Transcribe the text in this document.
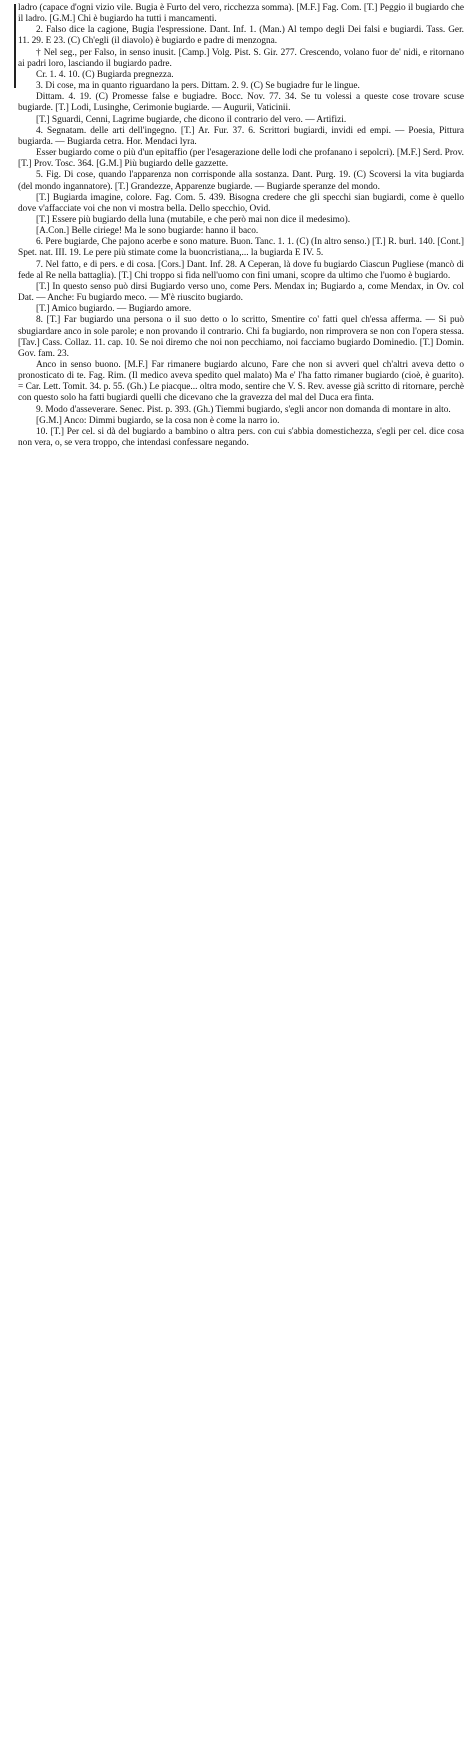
ladro (capace d'ogni vizio vile. Bugia è Furto del vero, ricchezza somma). [M.F.] Fag. Com. [T.] Peggio il bugiardo che il ladro. [G.M.] Chi è bugiardo ha tutti i mancamenti.

2. Falso dice la cagione, Bugia l'espressione. Dant. Inf. 1. (Man.) Al tempo degli Dei falsi e bugiardi. Tass. Ger. 11. 29. E 23. (C) Ch'egli (il diavolo) è bugiardo e padre di menzogna.

† Nel seg., per Falso, in senso inusit. [Camp.] Volg. Pist. S. Gir. 277. Crescendo, volano fuor de' nidi, e ritornano ai padri loro, lasciando il bugiardo padre.

Cr. 1. 4. 10. (C) Bugiarda pregnezza.

3. Di cose, ma in quanto riguardano la pers. Dittam. 2. 9. (C) Se bugiadre fur le lingue.

Dittam. 4. 19. (C) Promesse false e bugiadre. Bocc. Nov. 77. 34. Se tu volessi a queste cose trovare scuse bugiarde. [T.] Lodi, Lusinghe, Cerimonie bugiarde. — Augurii, Vaticinii.

[T.] Sguardi, Cenni, Lagrime bugiarde, che dicono il contrario del vero. — Artifizi.

4. Segnatam. delle arti dell'ingegno. [T.] Ar. Fur. 37. 6. Scrittori bugiardi, invidi ed empi. — Poesia, Pittura bugiarda. — Bugiarda cetra. Hor. Mendaci lyra.

Esser bugiardo come o più d'un epitaffio (per l'esagerazione delle lodi che profanano i sepolcri). [M.F.] Serd. Prov. [T.] Prov. Tosc. 364. [G.M.] Più bugiardo delle gazzette.

5. Fig. Di cose, quando l'apparenza non corrisponde alla sostanza. Dant. Purg. 19. (C) Scoversi la vita bugiarda (del mondo ingannatore). [T.] Grandezze, Apparenze bugiarde. — Bugiarde speranze del mondo.

[T.] Bugiarda imagine, colore. Fag. Com. 5. 439. Bisogna credere che gli specchi sian bugiardi, come è quello dove v'affacciate voi che non vi mostra bella. Dello specchio, Ovid.

[T.] Essere più bugiardo della luna (mutabile, e che però mai non dice il medesimo).

[A.Con.] Belle ciriege! Ma le sono bugiarde: hanno il baco.

6. Pere bugiarde, Che pajono acerbe e sono mature. Buon. Tanc. 1. 1. (C) (In altro senso.) [T.] R. burl. 140. [Cont.] Spet. nat. III. 19. Le pere più stimate come la buoncristiana,... la bugiarda E IV. 5.

7. Nel fatto, e di pers. e di cosa. [Cors.] Dant. Inf. 28. A Ceperan, là dove fu bugiardo Ciascun Pugliese (mancò di fede al Re nella battaglia). [T.] Chi troppo si fida nell'uomo con fini umani, scopre da ultimo che l'uomo è bugiardo.

[T.] In questo senso può dirsi Bugiardo verso uno, come Pers. Mendax in; Bugiardo a, come Mendax, in Ov. col Dat. — Anche: Fu bugiardo meco. — M'è riuscito bugiardo.

[T.] Amico bugiardo. — Bugiardo amore.

8. [T.] Far bugiardo una persona o il suo detto o lo scritto, Smentire co' fatti quel ch'essa afferma. — Si può sbugiardare anco in sole parole; e non provando il contrario. Chi fa bugiardo, non rimprovera se non con l'opera stessa. [Tav.] Cass. Collaz. 11. cap. 10. Se noi diremo che noi non pecchiamo, noi facciamo bugiardo Dominedio. [T.] Domin. Gov. fam. 23.

Anco in senso buono. [M.F.] Far rimanere bugiardo alcuno, Fare che non si avveri quel ch'altri aveva detto o pronosticato di te. Fag. Rim. (Il medico aveva spedito quel malato) Ma e' l'ha fatto rimaner bugiardo (cioè, è guarito). = Car. Lett. Tomit. 34. p. 55. (Gh.) Le piacque... oltra modo, sentire che V. S. Rev. avesse già scritto di ritornare, perchè con questo solo ha fatti bugiardi quelli che dicevano che la gravezza del mal del Duca era finta.

9. Modo d'asseverare. Senec. Pist. p. 393. (Gh.) Tiemmi bugiardo, s'egli ancor non domanda di montare in alto.

[G.M.] Anco: Dimmi bugiardo, se la cosa non è come la narro io.

10. [T.] Per cel. si dà del bugiardo a bambino o altra pers. con cui s'abbia domestichezza, s'egli per cel. dice cosa non vera, o, se vera troppo, che intendasi confessare negando.
